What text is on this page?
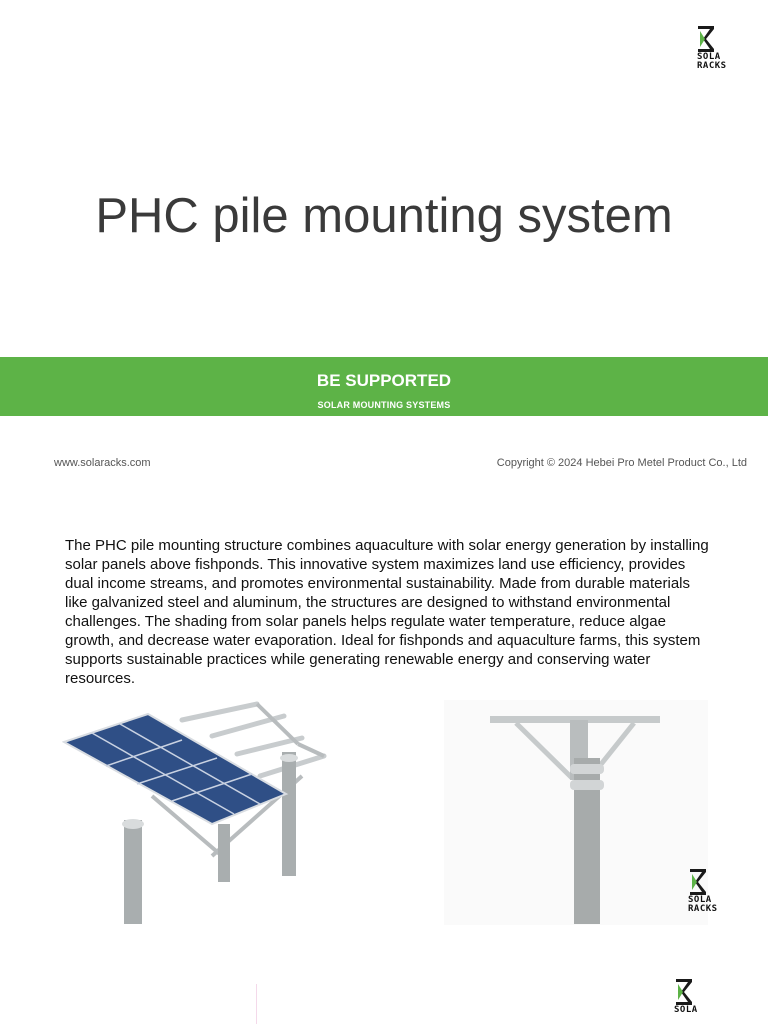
SOLA
RACKS
PHC pile mounting system
BE SUPPORTED
SOLAR MOUNTING SYSTEMS
www.solaracks.com	Copyright © 2024 Hebei Pro Metel Product Co., Ltd

The PHC pile mounting structure combines aquaculture with solar energy generation by installing solar panels above fishponds. This innovative system maximizes land use efficiency, provides dual income streams, and promotes environmental sustainability. Made from durable materials like galvanized steel and aluminum, the structures are designed to withstand environmental challenges. The shading from solar panels helps regulate water temperature, reduce algae growth, and decrease water evaporation. Ideal for fishponds and aquaculture farms, this system supports sustainable practices while generating renewable energy and conserving water resources.

SOLA
RACKS
SOLA
